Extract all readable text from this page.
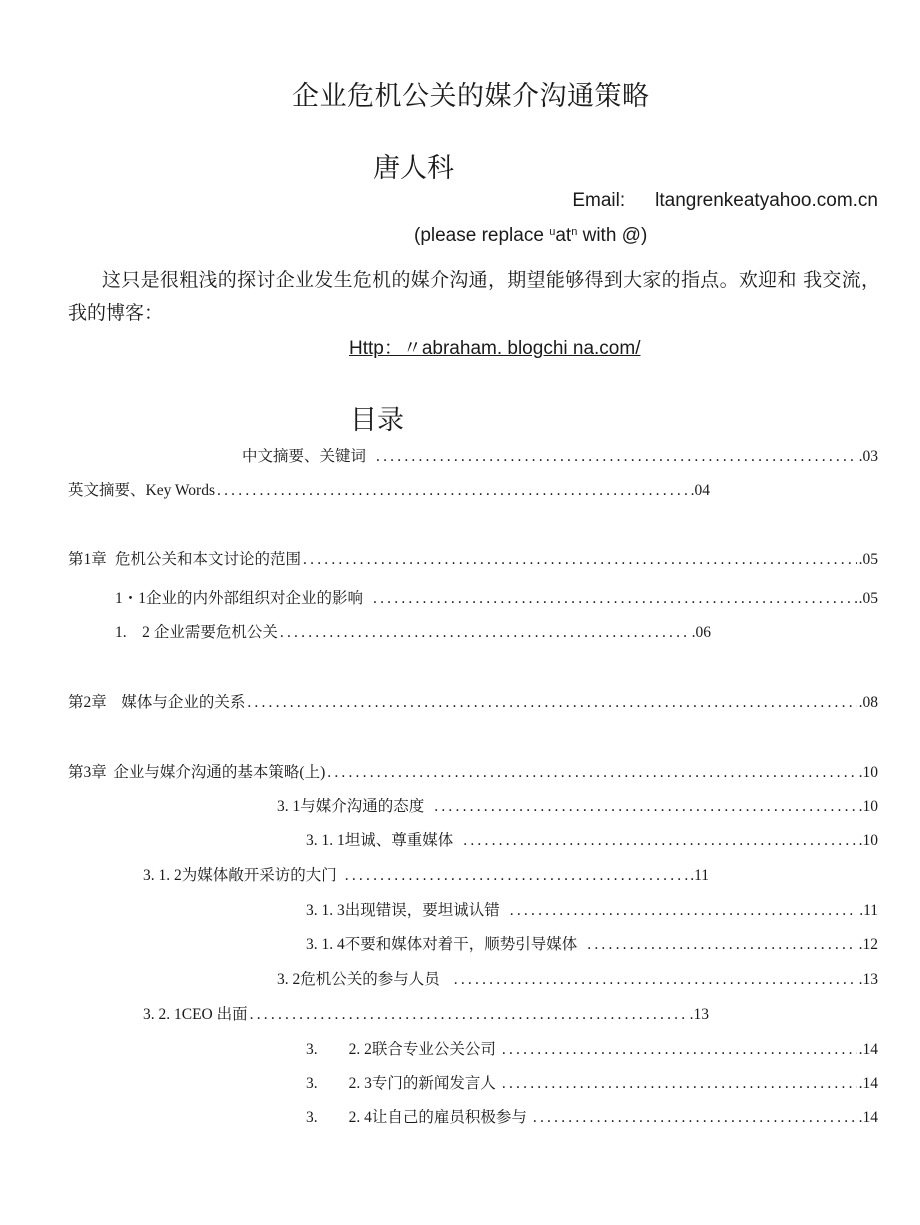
企业危机公关的媒介沟通策略
唐人科
Email: ltangrenkeatyahoo.com.cn
(please replace $^uat^n$ with @)
这只是很粗浅的探讨企业发生危机的媒介沟通，期望能够得到大家的指点。欢迎和 我交流，我的博客：
Http：〃abraham. blogchi na.com/
目录
中文摘要、关键词 .....	.03
英文摘要、Key Words .....	.04
第1章 危机公关和本文讨论的范围 .....	.05
1・1 企业的内外部组织对企业的影响 .....	.05
1.　2 企业需要危机公关 .....	.06
第2章 媒体与企业的关系 .....	.08
第3章 企业与媒介沟通的基本策略(上) .....	.10
3. 1 与媒介沟通的态度 .....	.10
3. 1. 1 坦诚、尊重媒体 .....	.10
3. 1. 2 为媒体敞开采访的大门 .....	.11
3. 1. 3 出现错误，要坦诚认错 .....	.11
3. 1. 4 不要和媒体对着干，顺势引导媒体 .....	.12
3. 2 危机公关的参与人员 .....	.13
3. 2. 1 CEO 出面 .....	.13
3.　　2. 2 联合专业公关公司 .....	.14
3.　　2. 3 专门的新闻发言人 .....	.14
3.　　2. 4 让自己的雇员积极参与 .....	.14
